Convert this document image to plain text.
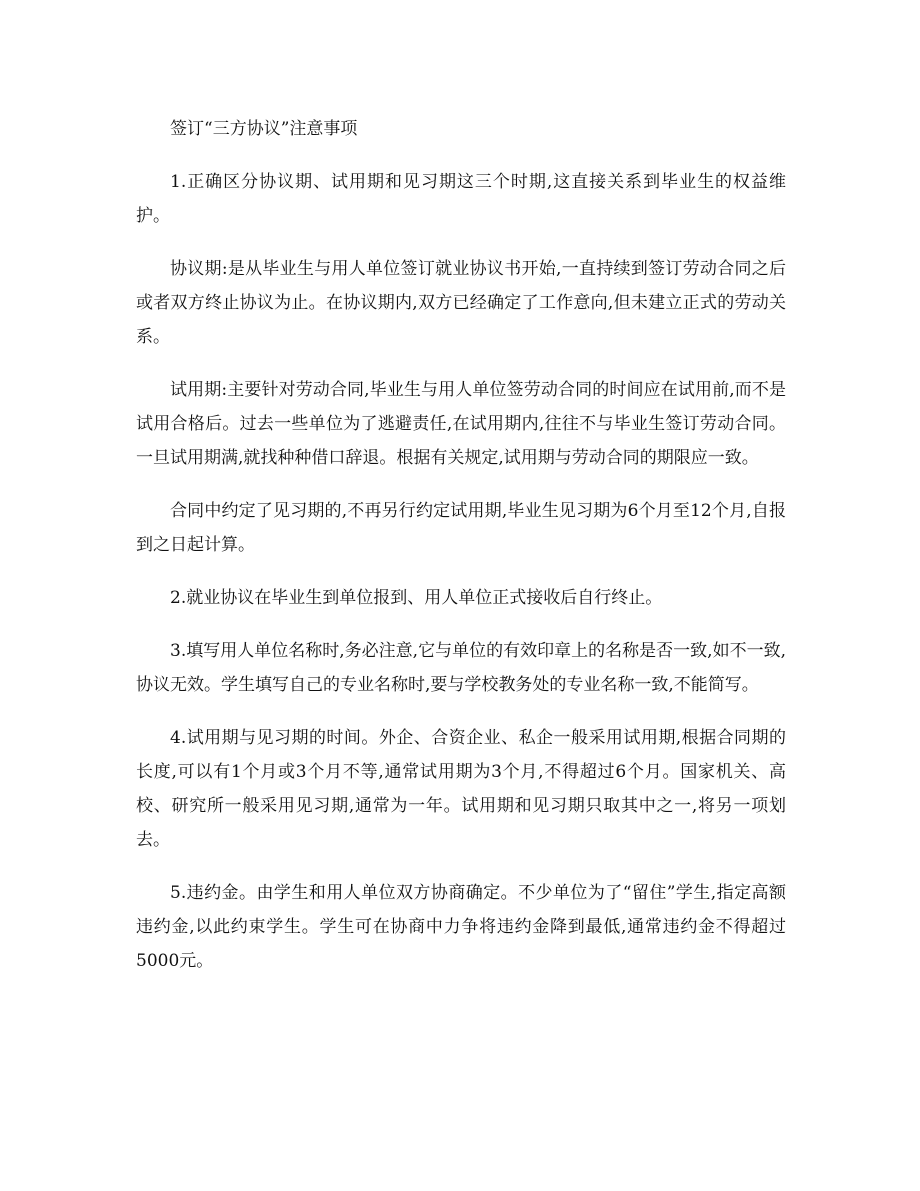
签订“三方协议”注意事项

1.正确区分协议期、试用期和见习期这三个时期,这直接关系到毕业生的权益维护。

协议期:是从毕业生与用人单位签订就业协议书开始,一直持续到签订劳动合同之后或者双方终止协议为止。在协议期内,双方已经确定了工作意向,但未建立正式的劳动关系。

试用期:主要针对劳动合同,毕业生与用人单位签劳动合同的时间应在试用前,而不是试用合格后。过去一些单位为了逃避责任,在试用期内,往往不与毕业生签订劳动合同。一旦试用期满,就找种种借口辞退。根据有关规定,试用期与劳动合同的期限应一致。

合同中约定了见习期的,不再另行约定试用期,毕业生见习期为6个月至12个月,自报到之日起计算。

2.就业协议在毕业生到单位报到、用人单位正式接收后自行终止。

3.填写用人单位名称时,务必注意,它与单位的有效印章上的名称是否一致,如不一致,协议无效。学生填写自己的专业名称时,要与学校教务处的专业名称一致,不能简写。

4.试用期与见习期的时间。外企、合资企业、私企一般采用试用期,根据合同期的长度,可以有1个月或3个月不等,通常试用期为3个月,不得超过6个月。国家机关、高校、研究所一般采用见习期,通常为一年。试用期和见习期只取其中之一,将另一项划去。

5.违约金。由学生和用人单位双方协商确定。不少单位为了“留住”学生,指定高额违约金,以此约束学生。学生可在协商中力争将违约金降到最低,通常违约金不得超过5000元。
